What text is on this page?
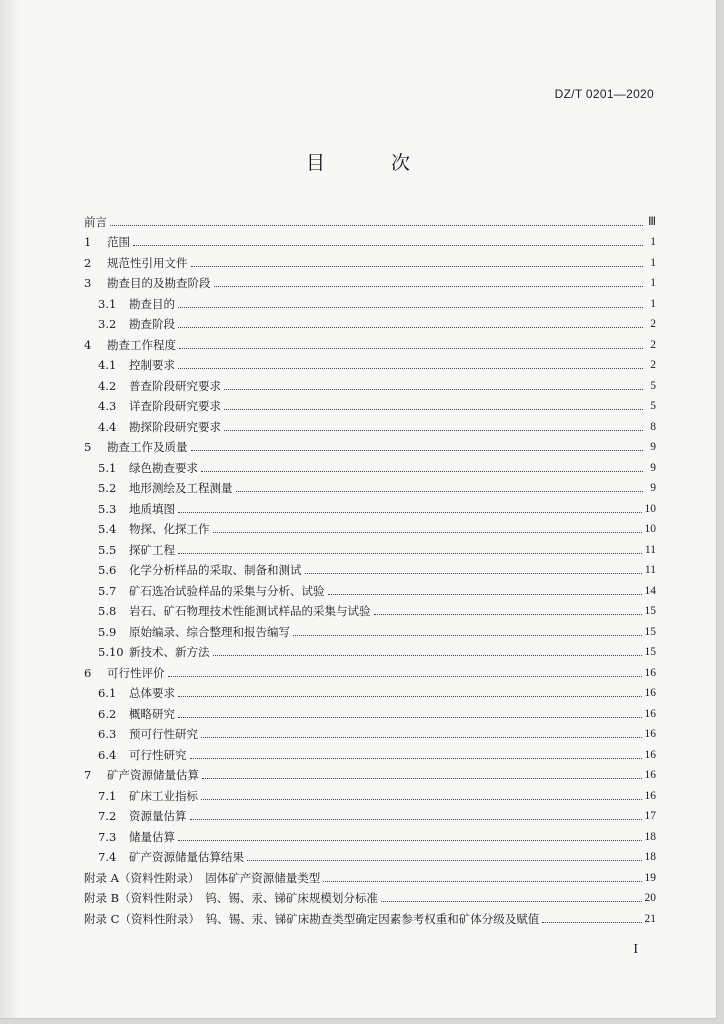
DZ/T 0201—2020
目 次
前言	Ⅲ
1	范围	1
2	规范性引用文件	1
3	勘查目的及勘查阶段	1
3.1	勘查目的	1
3.2	勘查阶段	2
4	勘查工作程度	2
4.1	控制要求	2
4.2	普查阶段研究要求	5
4.3	详查阶段研究要求	5
4.4	勘探阶段研究要求	8
5	勘查工作及质量	9
5.1	绿色勘查要求	9
5.2	地形测绘及工程测量	9
5.3	地质填图	10
5.4	物探、化探工作	10
5.5	探矿工程	11
5.6	化学分析样品的采取、制备和测试	11
5.7	矿石选冶试验样品的采集与分析、试验	14
5.8	岩石、矿石物理技术性能测试样品的采集与试验	15
5.9	原始编录、综合整理和报告编写	15
5.10 新技术、新方法	15
6	可行性评价	16
6.1	总体要求	16
6.2	概略研究	16
6.3	预可行性研究	16
6.4	可行性研究	16
7	矿产资源储量估算	16
7.1	矿床工业指标	16
7.2	资源量估算	17
7.3	储量估算	18
7.4	矿产资源储量估算结果	18
附录 A（资料性附录）　固体矿产资源储量类型	19
附录 B（资料性附录）　钨、锡、汞、锑矿床规模划分标准	20
附录 C（资料性附录）　钨、锡、汞、锑矿床勘查类型确定因素参考权重和矿体分级及赋值	21
I
